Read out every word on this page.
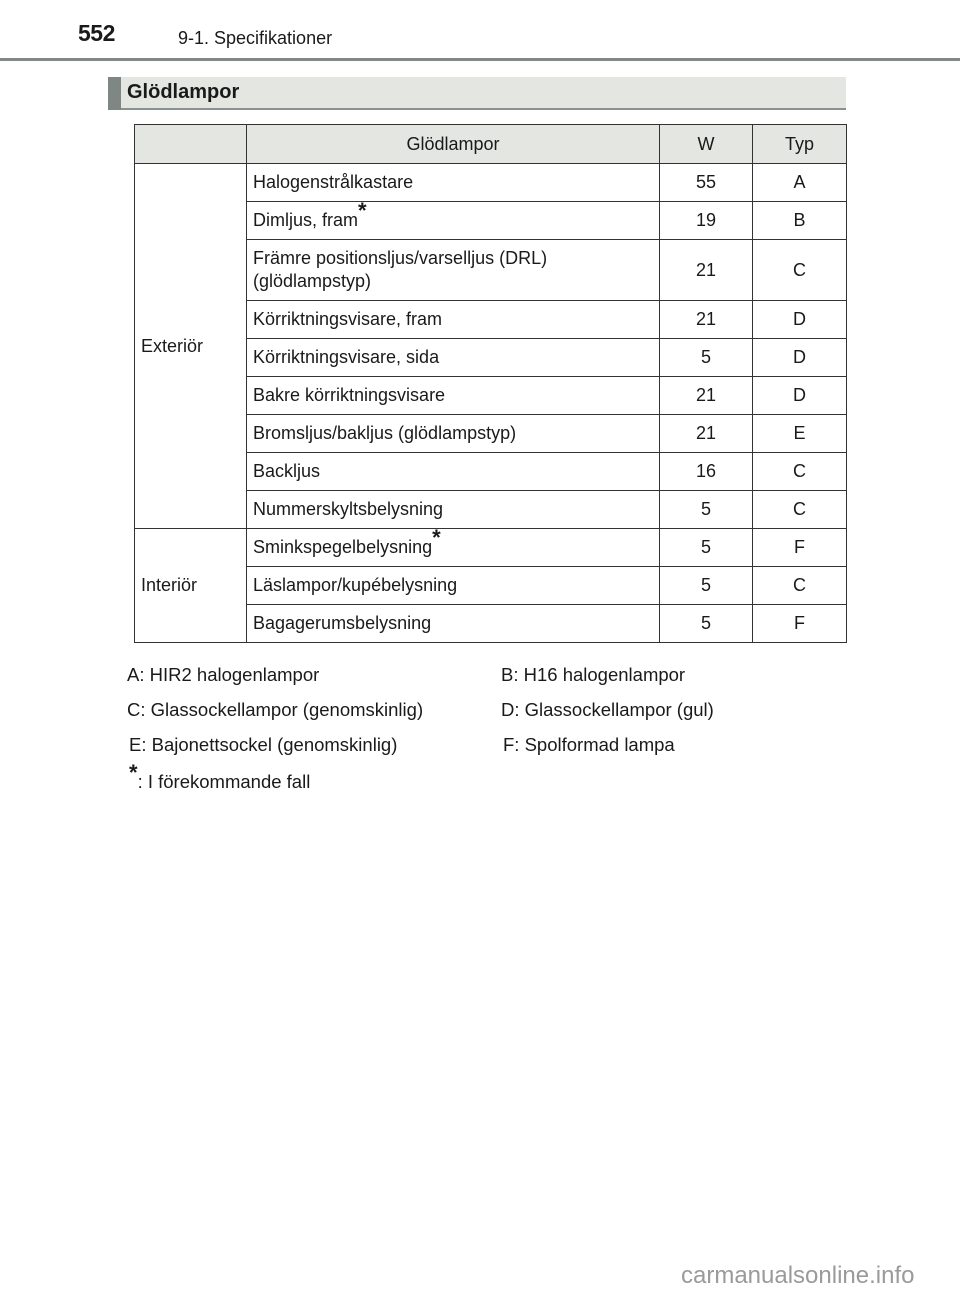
552	9-1. Specifikationer
Glödlampor
	Glödlampor	W	Typ
Exteriör	Halogenstrålkastare	55	A
	Dimljus, fram*	19	B
	Främre positionsljus/varselljus (DRL) (glödlampstyp)	21	C
	Körriktningsvisare, fram	21	D
	Körriktningsvisare, sida	5	D
	Bakre körriktningsvisare	21	D
	Bromsljus/bakljus (glödlampstyp)	21	E
	Backljus	16	C
	Nummerskyltsbelysning	5	C
Interiör	Sminkspegelbelysning*	5	F
	Läslampor/kupébelysning	5	C
	Bagagerumsbelysning	5	F
A: HIR2 halogenlampor	B: H16 halogenlampor
C: Glassockellampor (genomskinlig)	D: Glassockellampor (gul)
E: Bajonettsockel (genomskinlig)	F: Spolformad lampa
*: I förekommande fall
carmanualsonline.info
